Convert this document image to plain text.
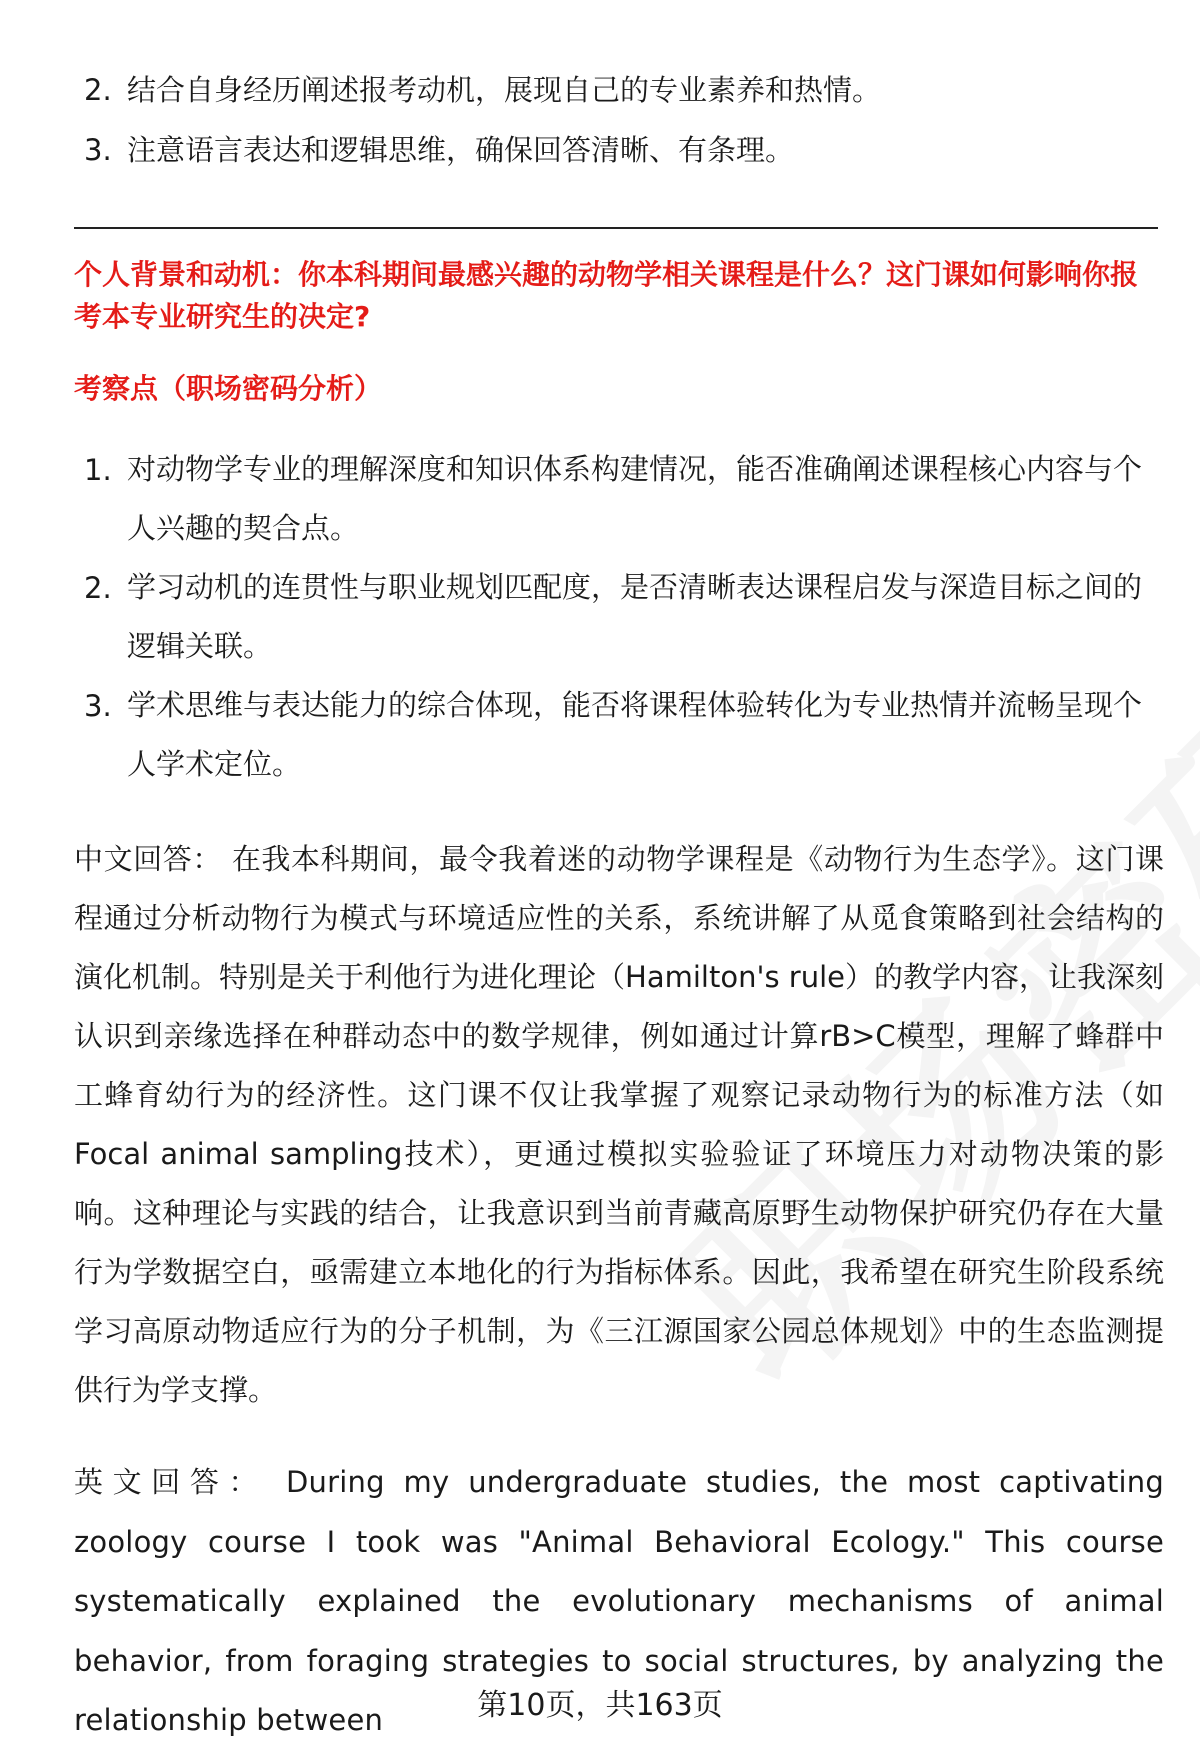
2. 结合自身经历阐述报考动机，展现自己的专业素养和热情。
3. 注意语言表达和逻辑思维，确保回答清晰、有条理。
个人背景和动机：你本科期间最感兴趣的动物学相关课程是什么？这门课如何影响你报考本专业研究生的决定?
考察点（职场密码分析）
1. 对动物学专业的理解深度和知识体系构建情况，能否准确阐述课程核心内容与个人兴趣的契合点。
2. 学习动机的连贯性与职业规划匹配度，是否清晰表达课程启发与深造目标之间的逻辑关联。
3. 学术思维与表达能力的综合体现，能否将课程体验转化为专业热情并流畅呈现个人学术定位。
中文回答： 在我本科期间，最令我着迷的动物学课程是《动物行为生态学》。这门课程通过分析动物行为模式与环境适应性的关系，系统讲解了从觅食策略到社会结构的演化机制。特别是关于利他行为进化理论（Hamilton's rule）的教学内容，让我深刻认识到亲缘选择在种群动态中的数学规律，例如通过计算rB>C模型，理解了蜂群中工蜂育幼行为的经济性。这门课不仅让我掌握了观察记录动物行为的标准方法（如Focal animal sampling技术），更通过模拟实验验证了环境压力对动物决策的影响。这种理论与实践的结合，让我意识到当前青藏高原野生动物保护研究仍存在大量行为学数据空白，亟需建立本地化的行为指标体系。因此，我希望在研究生阶段系统学习高原动物适应行为的分子机制，为《三江源国家公园总体规划》中的生态监测提供行为学支撑。
英文回答： During my undergraduate studies, the most captivating zoology course I took was "Animal Behavioral Ecology." This course systematically explained the evolutionary mechanisms of animal behavior, from foraging strategies to social structures, by analyzing the relationship between	第10页，共163页
